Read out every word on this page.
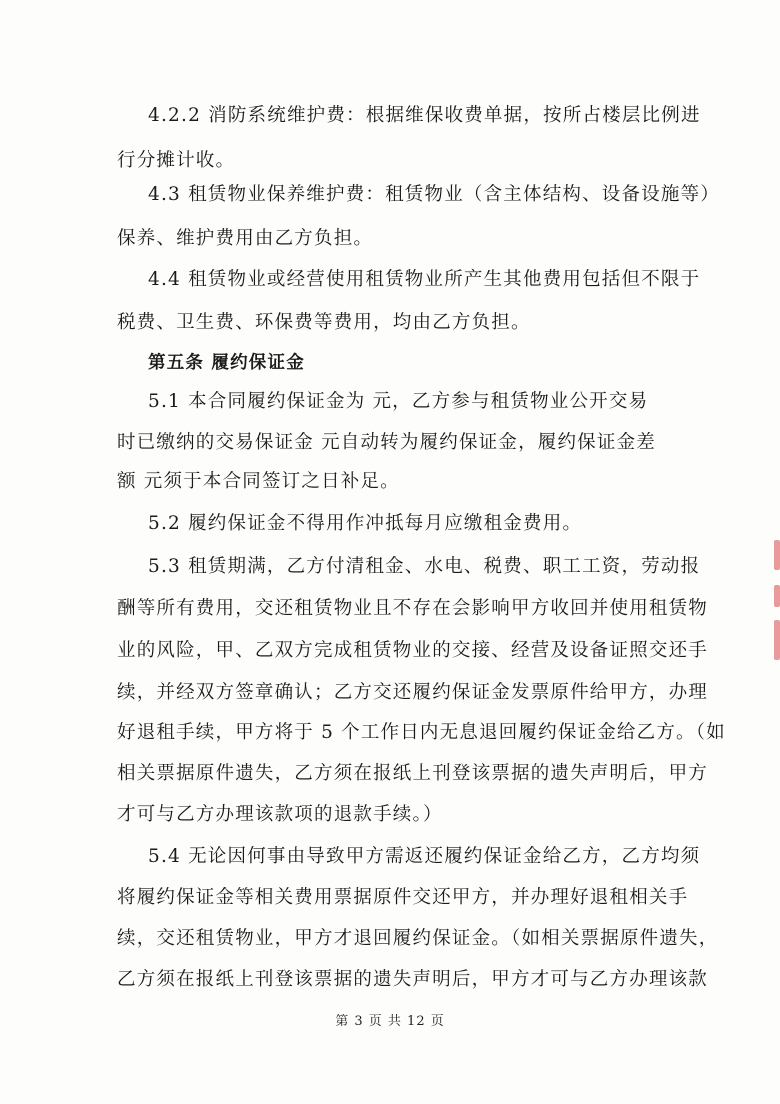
4.2.2 消防系统维护费：根据维保收费单据，按所占楼层比例进
行分摊计收。
4.3 租赁物业保养维护费：租赁物业（含主体结构、设备设施等）
保养、维护费用由乙方负担。
4.4 租赁物业或经营使用租赁物业所产生其他费用包括但不限于
税费、卫生费、环保费等费用，均由乙方负担。
第五条 履约保证金
5.1 本合同履约保证金为 元，乙方参与租赁物业公开交易
时已缴纳的交易保证金 元自动转为履约保证金，履约保证金差
额 元须于本合同签订之日补足。
5.2 履约保证金不得用作冲抵每月应缴租金费用。
5.3 租赁期满，乙方付清租金、水电、税费、职工工资，劳动报
酬等所有费用，交还租赁物业且不存在会影响甲方收回并使用租赁物
业的风险，甲、乙双方完成租赁物业的交接、经营及设备证照交还手
续，并经双方签章确认；乙方交还履约保证金发票原件给甲方，办理
好退租手续，甲方将于 5 个工作日内无息退回履约保证金给乙方。（如
相关票据原件遗失，乙方须在报纸上刊登该票据的遗失声明后，甲方
才可与乙方办理该款项的退款手续。）
5.4 无论因何事由导致甲方需返还履约保证金给乙方，乙方均须
将履约保证金等相关费用票据原件交还甲方，并办理好退租相关手
续，交还租赁物业，甲方才退回履约保证金。（如相关票据原件遗失，
乙方须在报纸上刊登该票据的遗失声明后，甲方才可与乙方办理该款
第 3 页 共 12 页
